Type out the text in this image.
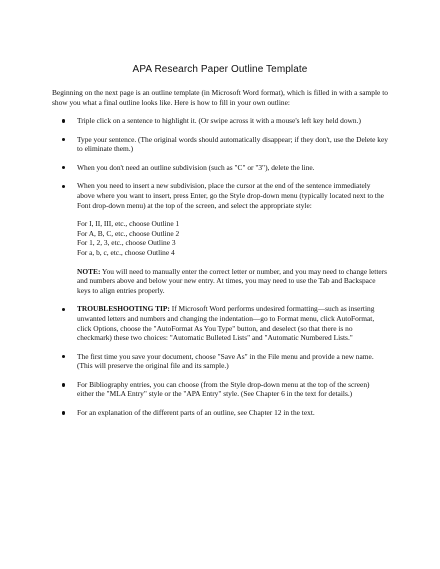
APA Research Paper Outline Template

Beginning on the next page is an outline template (in Microsoft Word format), which is filled in with a sample to show you what a final outline looks like. Here is how to fill in your own outline:

Triple click on a sentence to highlight it. (Or swipe across it with a mouse's left key held down.)
Type your sentence. (The original words should automatically disappear; if they don't, use the Delete key to eliminate them.)
When you don't need an outline subdivision (such as "C" or "3"), delete the line.
When you need to insert a new subdivision, place the cursor at the end of the sentence immediately above where you want to insert, press Enter, go the Style drop-down menu (typically located next to the Font drop-down menu) at the top of the screen, and select the appropriate style:
For I, II, III, etc., choose Outline 1
For A, B, C, etc., choose Outline 2
For 1, 2, 3, etc., choose Outline 3
For a, b, c, etc., choose Outline 4
NOTE: You will need to manually enter the correct letter or number, and you may need to change letters and numbers above and below your new entry. At times, you may need to use the Tab and Backspace keys to align entries properly.
TROUBLESHOOTING TIP: If Microsoft Word performs undesired formatting—such as inserting unwanted letters and numbers and changing the indentation—go to Format menu, click AutoFormat, click Options, choose the "AutoFormat As You Type" button, and deselect (so that there is no checkmark) these two choices: "Automatic Bulleted Lists" and "Automatic Numbered Lists."
The first time you save your document, choose "Save As" in the File menu and provide a new name. (This will preserve the original file and its sample.)
For Bibliography entries, you can choose (from the Style drop-down menu at the top of the screen) either the "MLA Entry" style or the "APA Entry" style. (See Chapter 6 in the text for details.)
For an explanation of the different parts of an outline, see Chapter 12 in the text.
